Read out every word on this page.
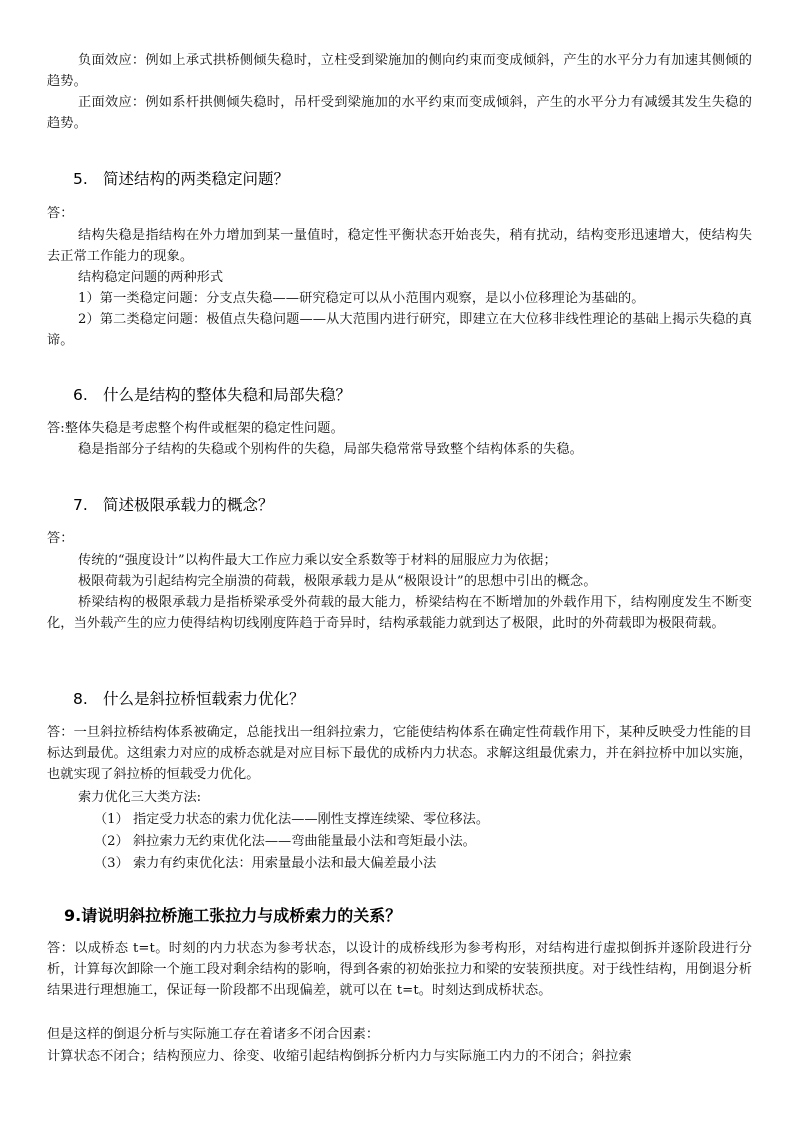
负面效应：例如上承式拱桥侧倾失稳时，立柱受到梁施加的侧向约束而变成倾斜，产生的水平分力有加速其侧倾的趋势。
正面效应：例如系杆拱侧倾失稳时，吊杆受到梁施加的水平约束而变成倾斜，产生的水平分力有减缓其发生失稳的趋势。
5. 简述结构的两类稳定问题？
答：
结构失稳是指结构在外力增加到某一量值时，稳定性平衡状态开始丧失，稍有扰动，结构变形迅速增大，使结构失去正常工作能力的现象。
结构稳定问题的两种形式
1）第一类稳定问题：分支点失稳——研究稳定可以从小范围内观察，是以小位移理论为基础的。
2）第二类稳定问题：极值点失稳问题——从大范围内进行研究，即建立在大位移非线性理论的基础上揭示失稳的真谛。
6. 什么是结构的整体失稳和局部失稳？
答:整体失稳是考虑整个构件或框架的稳定性问题。
稳是指部分子结构的失稳或个别构件的失稳，局部失稳常常导致整个结构体系的失稳。
7. 简述极限承载力的概念？
答：
传统的“强度设计”以构件最大工作应力乘以安全系数等于材料的屈服应力为依据；
极限荷载为引起结构完全崩溃的荷载，极限承载力是从“极限设计”的思想中引出的概念。
桥梁结构的极限承载力是指桥梁承受外荷载的最大能力，桥梁结构在不断增加的外载作用下，结构刚度发生不断变化，当外载产生的应力使得结构切线刚度阵趋于奇异时，结构承载能力就到达了极限，此时的外荷载即为极限荷载。
8. 什么是斜拉桥恒载索力优化？
答：一旦斜拉桥结构体系被确定，总能找出一组斜拉索力，它能使结构体系在确定性荷载作用下，某种反映受力性能的目标达到最优。这组索力对应的成桥态就是对应目标下最优的成桥内力状态。求解这组最优索力，并在斜拉桥中加以实施，也就实现了斜拉桥的恒载受力优化。
索力优化三大类方法:
（1） 指定受力状态的索力优化法——刚性支撑连续梁、零位移法。
（2） 斜拉索力无约束优化法——弯曲能量最小法和弯矩最小法。
（3） 索力有约束优化法：用索量最小法和最大偏差最小法
9.请说明斜拉桥施工张拉力与成桥索力的关系？
答：以成桥态 t=t。时刻的内力状态为参考状态，以设计的成桥线形为参考构形，对结构进行虚拟倒拆并逐阶段进行分析，计算每次卸除一个施工段对剩余结构的影响，得到各索的初始张拉力和梁的安装预拱度。对于线性结构，用倒退分析结果进行理想施工，保证每一阶段都不出现偏差，就可以在 t=t。时刻达到成桥状态。
但是这样的倒退分析与实际施工存在着诸多不闭合因素：
计算状态不闭合；结构预应力、徐变、收缩引起结构倒拆分析内力与实际施工内力的不闭合；斜拉索
